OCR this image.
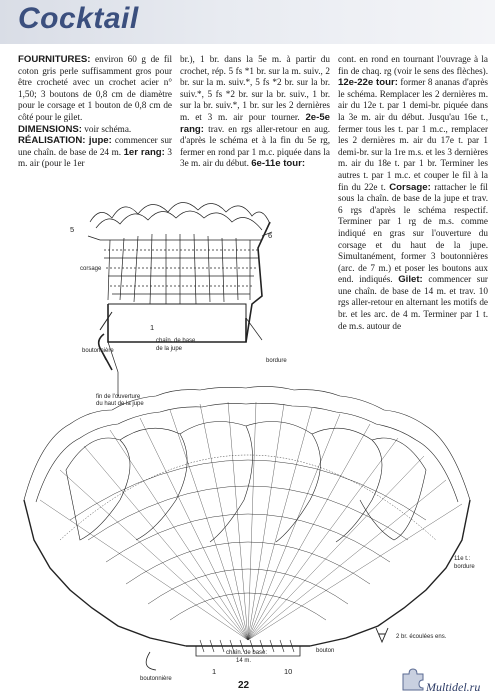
Cocktail

FOURNITURES: environ 60 g de fil coton gris perle suffisamment gros pour être crocheté avec un crochet acier n° 1,50; 3 boutons de 0,8 cm de diamètre pour le corsage et 1 bouton de 0,8 cm de côté pour le gilet.

DIMENSIONS: voir schéma.

RÉALISATION: jupe: commencer sur une chaîn. de base de 24 m. 1er rang: 3 m. air (pour le 1er

br.), 1 br. dans la 5e m. à partir du crochet, rép. 5 fs *1 br. sur la m. suiv., 2 br. sur la m. suiv.*, 5 fs *2 br. sur la br. suiv.*, 5 fs *2 br. sur la br. suiv., 1 br. sur la br. suiv.*, 1 br. sur les 2 dernières m. et 3 m. air pour tourner. 2e-5e rang: trav. en rgs aller-retour en aug. d'après le schéma et à la fin du 5e rg, fermer en rond par 1 m.c. piquée dans la 3e m. air du début. 6e-11e tour:

cont. en rond en tournant l'ouvrage à la fin de chaq. rg (voir le sens des flèches). 12e-22e tour: former 8 ananas d'après le schéma. Remplacer les 2 dernières m. air du 12e t. par 1 demi-br. piquée dans la 3e m. air du début. Jusqu'au 16e t., fermer tous les t. par 1 m.c., remplacer les 2 dernières m. air du 17e t. par 1 demi-br. sur la 1re m.s. et les 3 dernières m. air du 18e t. par 1 br. Terminer les autres t. par 1 m.c. et couper le fil à la fin du 22e t. Corsage: rattacher le fil sous la chaîn. de base de la jupe et trav. 6 rgs d'après le schéma respectif. Terminer par 1 rg de m.s. comme indiqué en gras sur l'ouverture du corsage et du haut de la jupe. Simultanément, former 3 boutonnières (arc. de 7 m.) et poser les boutons aux end. indiqués. Gilet: commencer sur une chaîn. de base de 14 m. et trav. 10 rgs aller-retour en alternant les motifs de br. et les arc. de 4 m. Terminer par 1 t. de m.s. autour de

5
6
1
corsage
chaîn. de base
de la jupe
boutonnière
bordure
fin de l'ouverture
du haut de la jupe
chaîn. de base:
14 m.
1	10
bouton
boutonnière
11e t.:
bordure
2 br. écoulées ens.
22	Multidel.ru
